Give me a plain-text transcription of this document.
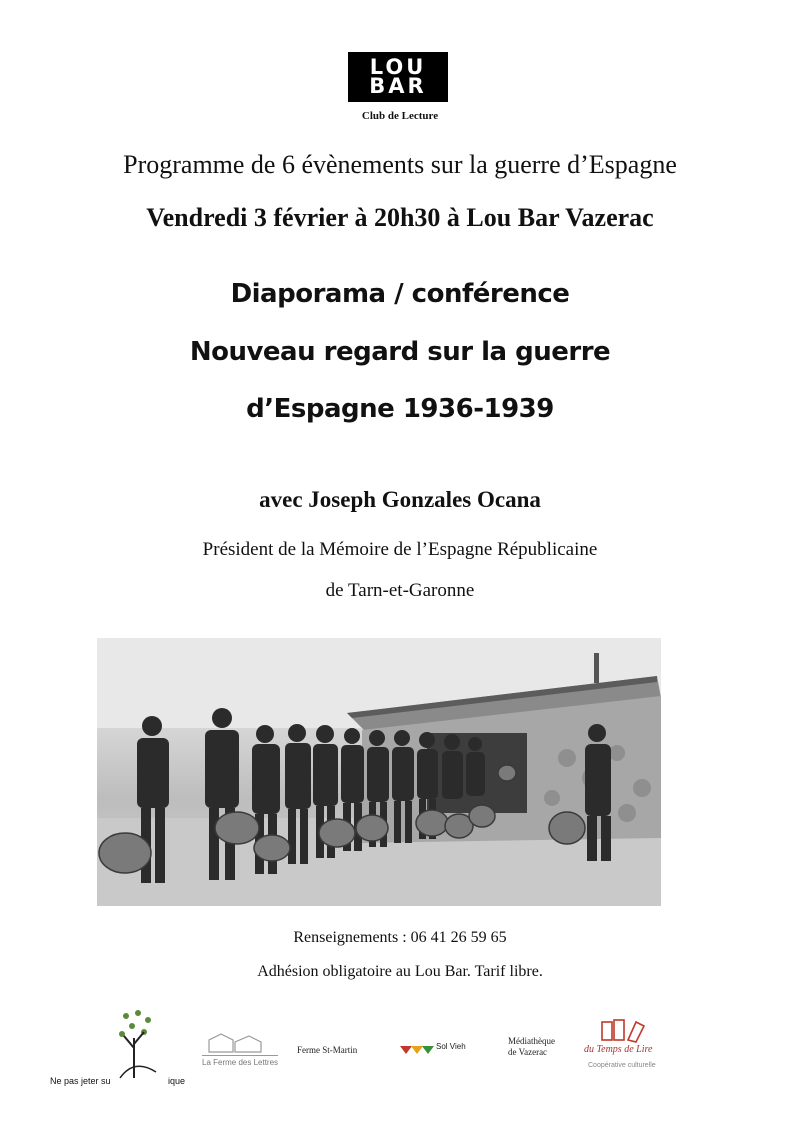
LOU
BAR
Club de Lecture
Programme de 6 évènements sur la guerre d’Espagne
Vendredi 3 février à 20h30 à Lou Bar Vazerac
Diaporama / conférence
Nouveau regard sur la guerre
d’Espagne 1936-1939
avec Joseph Gonzales Ocana
Président de la Mémoire de l’Espagne Républicaine
de Tarn-et-Garonne
Renseignements : 06 41 26 59 65
Adhésion obligatoire au Lou Bar. Tarif libre.
Ne pas jeter su	ique
La Ferme des Lettres
Ferme St-Martin	Sol Vieh
Médiathèque
de Vazerac	du Temps de Lire
Coopérative culturelle
